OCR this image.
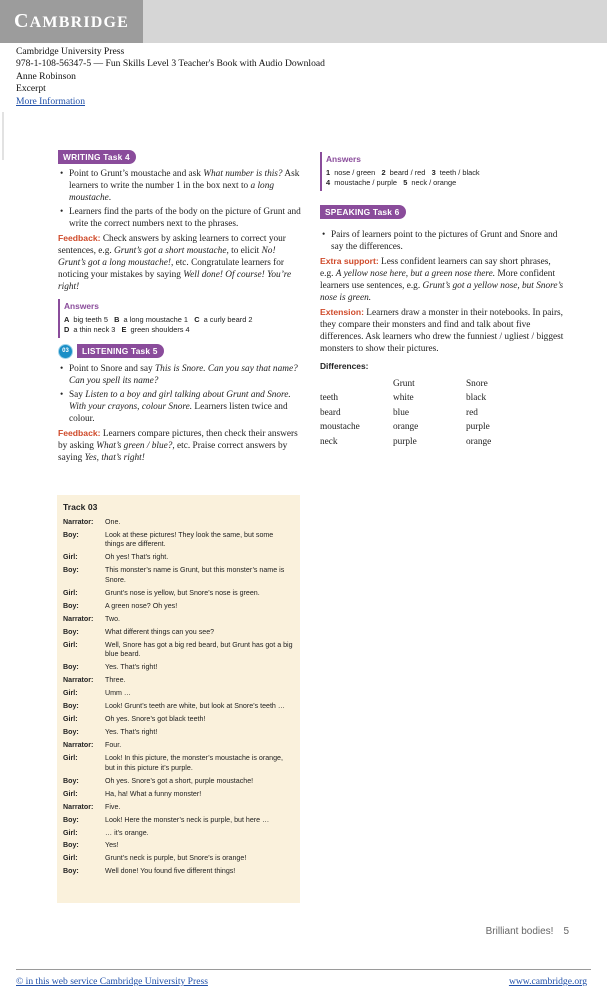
CAMBRIDGE
Cambridge University Press
978-1-108-56347-5 — Fun Skills Level 3 Teacher's Book with Audio Download
Anne Robinson
Excerpt
More Information
WRITING Task 4
• Point to Grunt’s moustache and ask What number is this? Ask learners to write the number 1 in the box next to a long moustache.
• Learners find the parts of the body on the picture of Grunt and write the correct numbers next to the phrases.
Feedback: Check answers by asking learners to correct your sentences, e.g. Grunt’s got a short moustache, to elicit No! Grunt’s got a long moustache!, etc. Congratulate learners for noticing your mistakes by saying Well done! Of course! You’re right!
Answers
A big teeth 5 B a long moustache 1 C a curly beard 2
D a thin neck 3 E green shoulders 4
03	LISTENING Task 5
• Point to Snore and say This is Snore. Can you say that name? Can you spell its name?
• Say Listen to a boy and girl talking about Grunt and Snore. With your crayons, colour Snore. Learners listen twice and colour.
Feedback: Learners compare pictures, then check their answers by asking What’s green / blue?, etc. Praise correct answers by saying Yes, that’s right!
Track 03
Narrator:	One.
Boy:	Look at these pictures! They look the same, but some things are different.
Girl:	Oh yes! That’s right.
Boy:	This monster’s name is Grunt, but this monster’s name is Snore.
Girl:	Grunt’s nose is yellow, but Snore’s nose is green.
Boy:	A green nose? Oh yes!
Narrator:	Two.
Boy:	What different things can you see?
Girl:	Well, Snore has got a big red beard, but Grunt has got a big blue beard.
Boy:	Yes. That’s right!
Narrator:	Three.
Girl:	Umm …
Boy:	Look! Grunt’s teeth are white, but look at Snore’s teeth …
Girl:	Oh yes. Snore’s got black teeth!
Boy:	Yes. That’s right!
Narrator:	Four.
Girl:	Look! In this picture, the monster’s moustache is orange, but in this picture it’s purple.
Boy:	Oh yes. Snore’s got a short, purple moustache!
Girl:	Ha, ha! What a funny monster!
Narrator:	Five.
Boy:	Look! Here the monster’s neck is purple, but here …
Girl:	… it’s orange.
Boy:	Yes!
Girl:	Grunt’s neck is purple, but Snore’s is orange!
Boy:	Well done! You found five different things!
Answers
1 nose / green 2 beard / red 3 teeth / black
4 moustache / purple 5 neck / orange
SPEAKING Task 6
• Pairs of learners point to the pictures of Grunt and Snore and say the differences.
Extra support: Less confident learners can say short phrases, e.g. A yellow nose here, but a green nose there. More confident learners use sentences, e.g. Grunt’s got a yellow nose, but Snore’s nose is green.
Extension: Learners draw a monster in their notebooks. In pairs, they compare their monsters and find and talk about five differences. Ask learners who drew the funniest / ugliest / biggest monsters to show their pictures.
Differences:
	Grunt	Snore
teeth	white	black
beard	blue	red
moustache	orange	purple
neck	purple	orange
Brilliant bodies! 5
© in this web service Cambridge University Press	www.cambridge.org
